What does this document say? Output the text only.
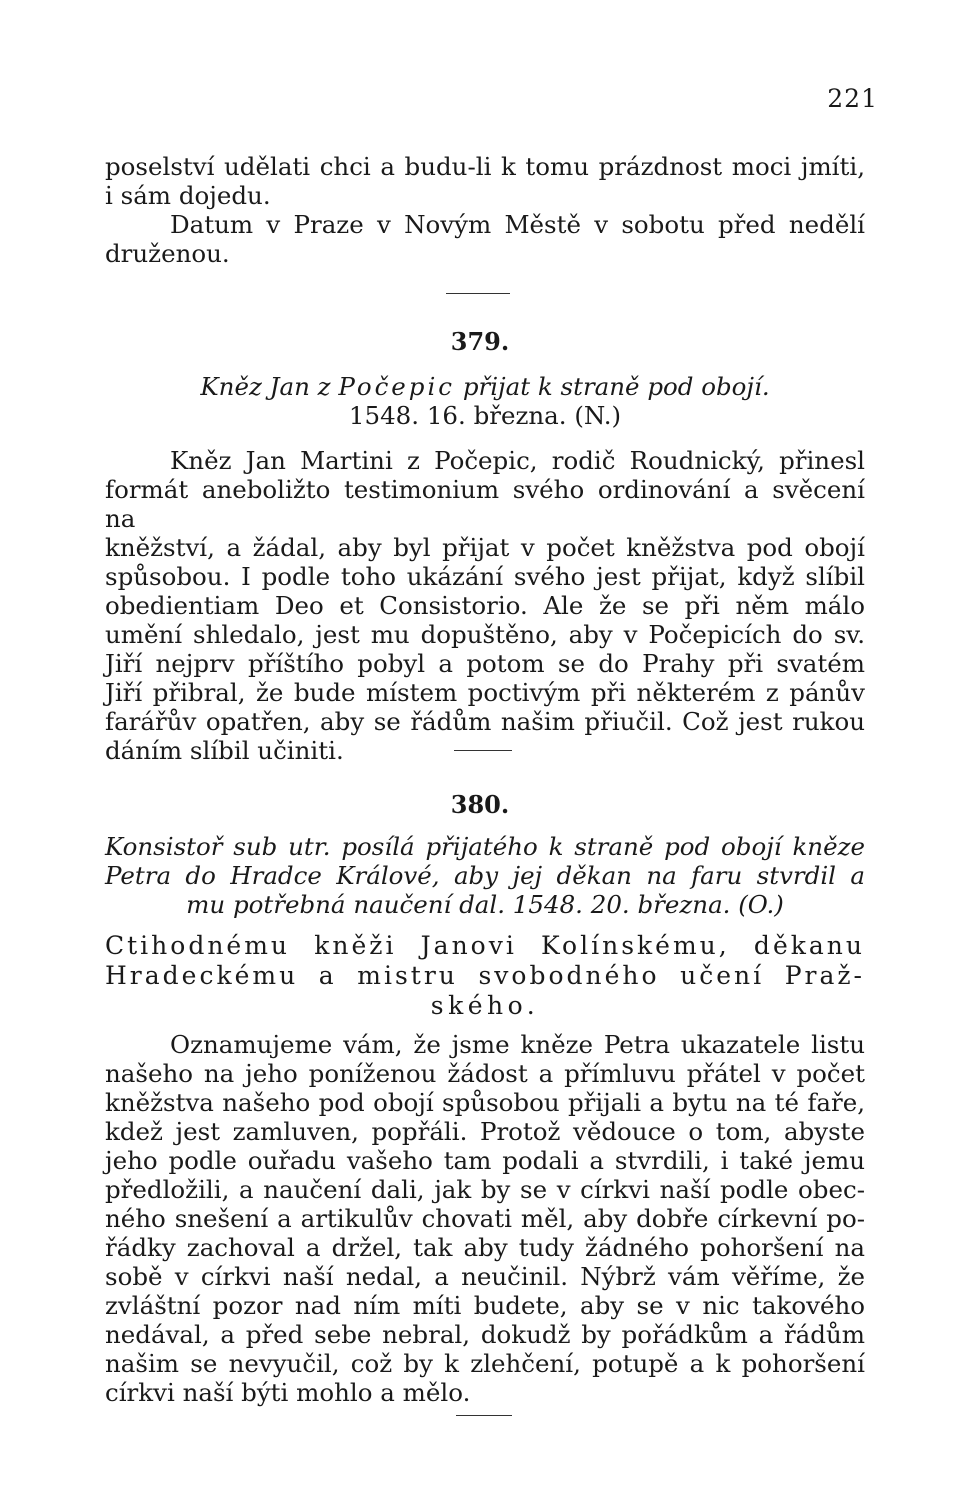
221
poselství udělati chci a budu-li k tomu prázdnost moci jmíti,
i sám dojedu.
Datum v Praze v Novým Městě v sobotu před nedělí
druženou.
379.
Kněz Jan z Počepic přijat k straně pod obojí.
1548. 16. března. (N.)
Kněz Jan Martini z Počepic, rodič Roudnický, přinesl
formát aneboližto testimonium svého ordinování a svěcení na
kněžství, a žádal, aby byl přijat v počet kněžstva pod obojí
spůsobou. I podle toho ukázání svého jest přijat, když slíbil
obedientiam Deo et Consistorio. Ale že se při něm málo
umění shledalo, jest mu dopuštěno, aby v Počepicích do sv.
Jiří nejprv příštího pobyl a potom se do Prahy při svatém
Jiří přibral, že bude místem poctivým při některém z pánův
farářův opatřen, aby se řádům našim přiučil. Což jest rukou
dáním slíbil učiniti.
380.
Konsistoř sub utr. posílá přijatého k straně pod obojí kněze
Petra do Hradce Králové, aby jej děkan na faru stvrdil a
mu potřebná naučení dal. 1548. 20. března. (O.)
Ctihodnému kněži Janovi Kolínskému, děkanu
Hradeckému a mistru svobodného učení Praž-
ského.
Oznamujeme vám, že jsme kněze Petra ukazatele listu
našeho na jeho poníženou žádost a přímluvu přátel v počet
kněžstva našeho pod obojí spůsobou přijali a bytu na té faře,
kdež jest zamluven, popřáli. Protož vědouce o tom, abyste
jeho podle ouřadu vašeho tam podali a stvrdili, i také jemu
předložili, a naučení dali, jak by se v církvi naší podle obec-
ného snešení a artikulův chovati měl, aby dobře církevní po-
řádky zachoval a držel, tak aby tudy žádného pohoršení na
sobě v církvi naší nedal, a neučinil. Nýbrž vám věříme, že
zvláštní pozor nad ním míti budete, aby se v nic takového
nedával, a před sebe nebral, dokudž by pořádkům a řádům
našim se nevyučil, což by k zlehčení, potupě a k pohoršení
církvi naší býti mohlo a mělo.
